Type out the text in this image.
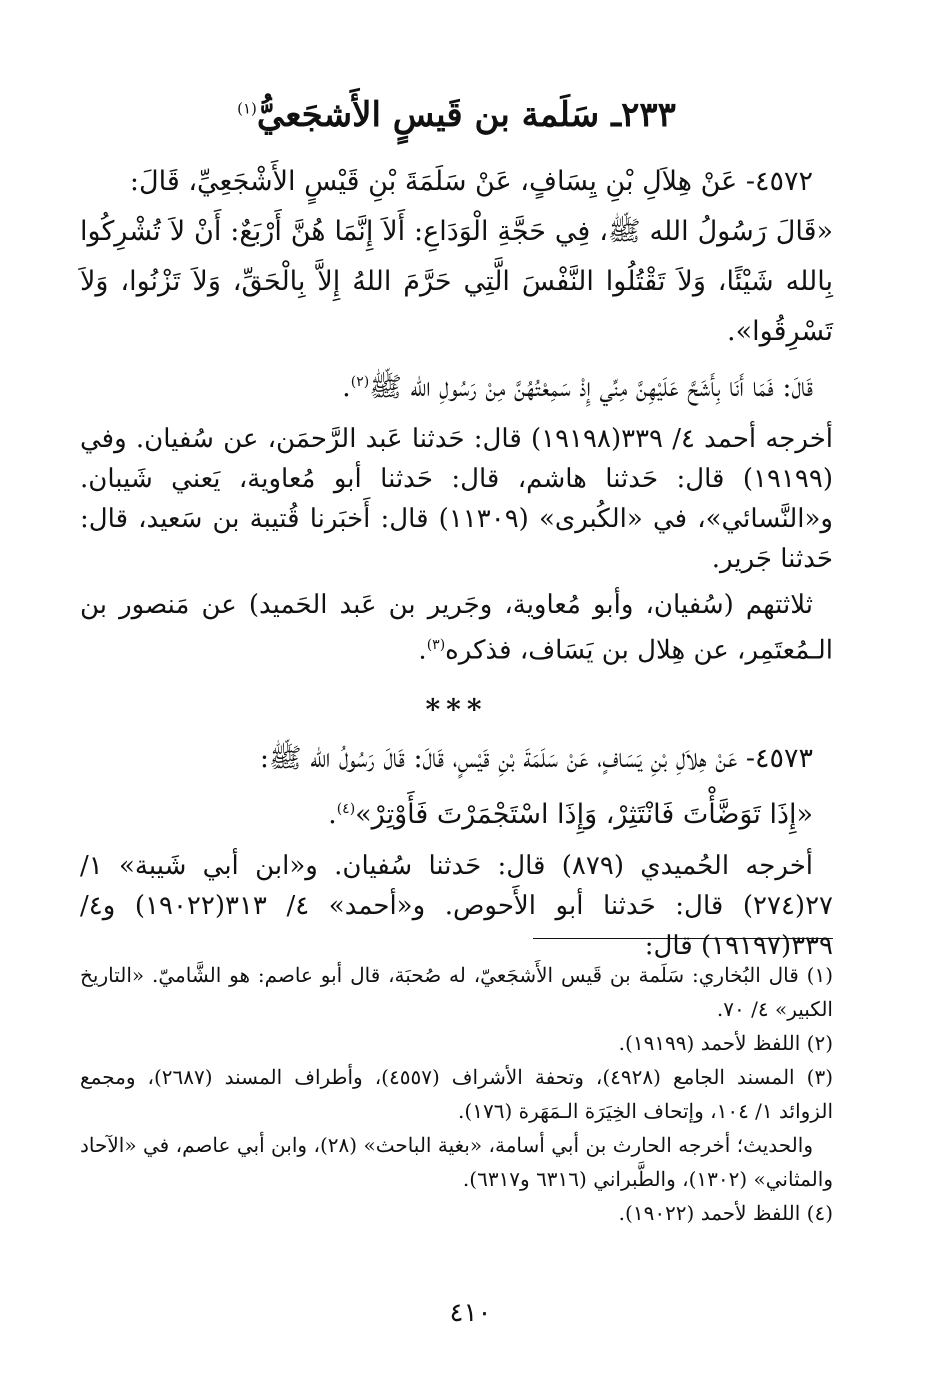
٢٣٣ـ سَلَمة بن قَيسٍ الأَشجَعيُّ$^{(١)}$

٤٥٧٢- عَنْ هِلاَلِ بْنِ يِسَافٍ، عَنْ سَلَمَةَ بْنِ قَيْسٍ الأَشْجَعِيِّ، قَالَ:

«قَالَ رَسُولُ الله ﷺ، فِي حَجَّةِ الْوَدَاعِ: أَلاَ إِنَّمَا هُنَّ أَرْبَعٌ: أَنْ لاَ تُشْرِكُوا بِالله شَيْئًا، وَلاَ تَقْتُلُوا النَّفْسَ الَّتِي حَرَّمَ اللهُ إِلاَّ بِالْحَقِّ، وَلاَ تَزْنُوا، وَلاَ تَسْرِقُوا».

قَالَ: فَمَا أَنَا بِأَشَحَّ عَلَيْهِنَّ مِنِّي إِذْ سَمِعْتُهُنَّ مِنْ رَسُولِ الله ﷺ$^{(٢)}$.

أخرجه أحمد ٤/ ٣٣٩(١٩١٩٨) قال: حَدثنا عَبد الرَّحمَن، عن سُفيان. وفي (١٩١٩٩) قال: حَدثنا هاشم، قال: حَدثنا أبو مُعاوية، يَعني شَيبان. و«النَّسائي»، في «الكُبرى» (١١٣٠٩) قال: أَخبَرنا قُتيبة بن سَعيد، قال: حَدثنا جَرير.

ثلاثتهم (سُفيان، وأبو مُعاوية، وجَرير بن عَبد الحَميد) عن مَنصور بن الـمُعتَمِر، عن هِلال بن يَسَاف، فذكره$^{(٣)}$.

***

٤٥٧٣- عَنْ هِلاَلِ بْنِ يَسَافٍ، عَنْ سَلَمَةَ بْنِ قَيْسٍ، قَالَ: قَالَ رَسُولُ الله ﷺ:

«إِذَا تَوَضَّأْتَ فَانْتَثِرْ، وَإِذَا اسْتَجْمَرْتَ فَأَوْتِرْ»$^{(٤)}$.

أخرجه الحُميدي (٨٧٩) قال: حَدثنا سُفيان. و«ابن أبي شَيبة» ١/ ٢٧(٢٧٤) قال: حَدثنا أبو الأَحوص. و«أحمد» ٤/ ٣١٣(١٩٠٢٢) و٤/ ٣٣٩(١٩١٩٧) قال:

(١) قال البُخاري: سَلَمة بن قَيس الأَشجَعيّ، له صُحبَة، قال أبو عاصم: هو الشَّاميّ. «التاريخ الكبير» ٤/ ٧٠.

(٢) اللفظ لأحمد (١٩١٩٩).

(٣) المسند الجامع (٤٩٢٨)، وتحفة الأشراف (٤٥٥٧)، وأطراف المسند (٢٦٨٧)، ومجمع الزوائد ١/ ١٠٤، وإتحاف الخِيَرَة الـمَهَرة (١٧٦).

والحديث؛ أخرجه الحارث بن أبي أسامة، «بغية الباحث» (٢٨)، وابن أبي عاصم، في «الآحاد والمثاني» (١٣٠٢)، والطَّبراني (٦٣١٦ و٦٣١٧).

(٤) اللفظ لأحمد (١٩٠٢٢).

٤١٠
